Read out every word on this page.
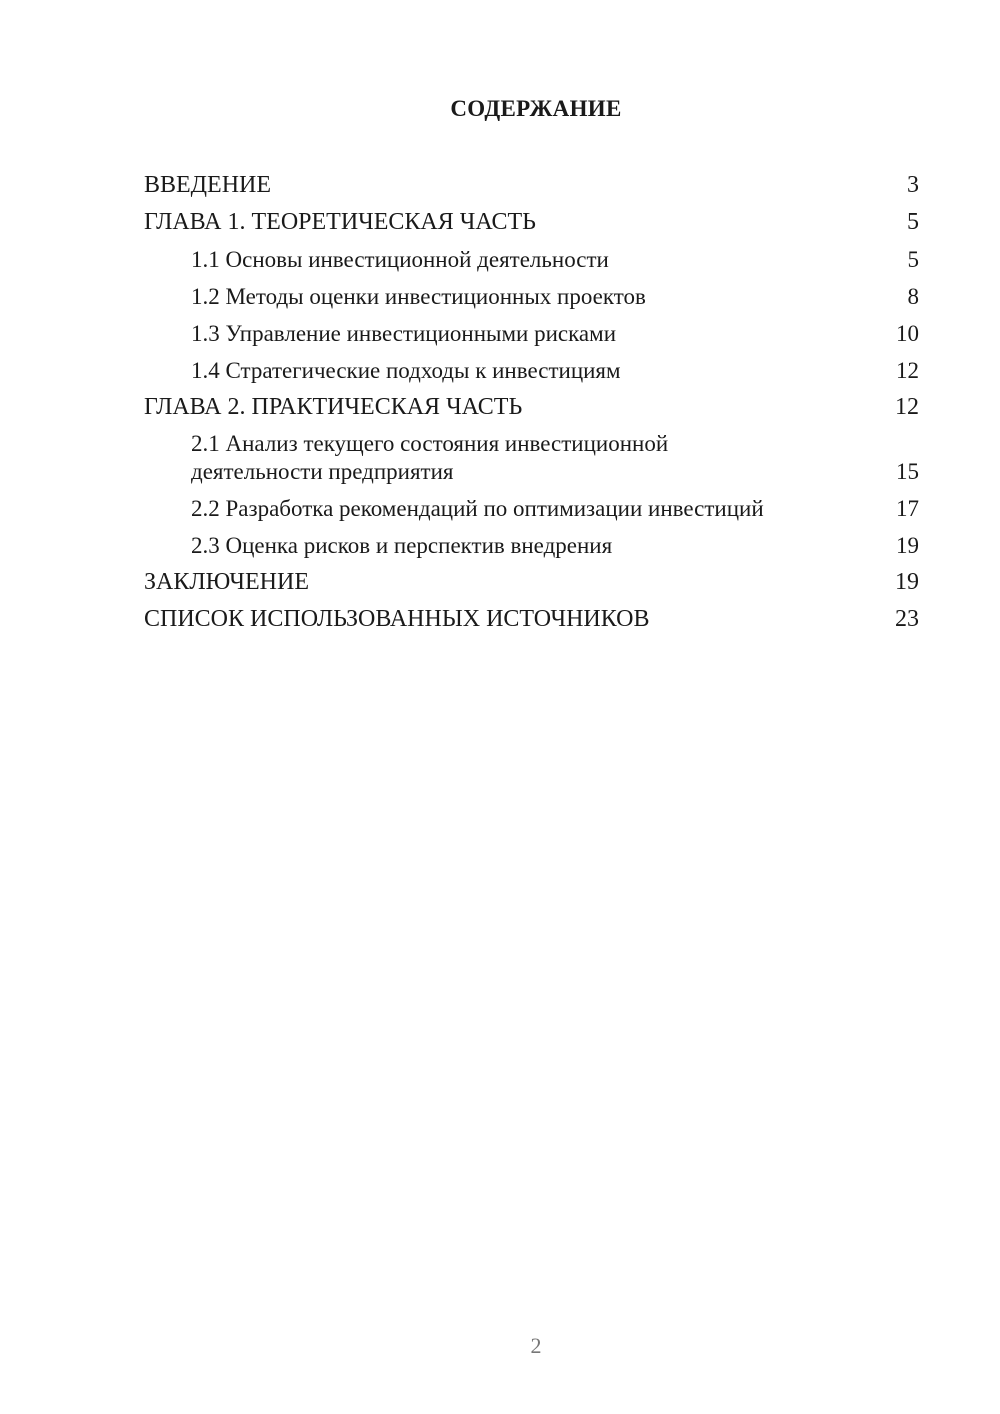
СОДЕРЖАНИЕ
ВВЕДЕНИЕ	3
ГЛАВА 1. ТЕОРЕТИЧЕСКАЯ ЧАСТЬ	5
1.1 Основы инвестиционной деятельности	5
1.2 Методы оценки инвестиционных проектов	8
1.3 Управление инвестиционными рисками	10
1.4 Стратегические подходы к инвестициям	12
ГЛАВА 2. ПРАКТИЧЕСКАЯ ЧАСТЬ	12
2.1 Анализ текущего состояния инвестиционной деятельности предприятия	15
2.2 Разработка рекомендаций по оптимизации инвестиций	17
2.3 Оценка рисков и перспектив внедрения	19
ЗАКЛЮЧЕНИЕ	19
СПИСОК ИСПОЛЬЗОВАННЫХ ИСТОЧНИКОВ	23
2
